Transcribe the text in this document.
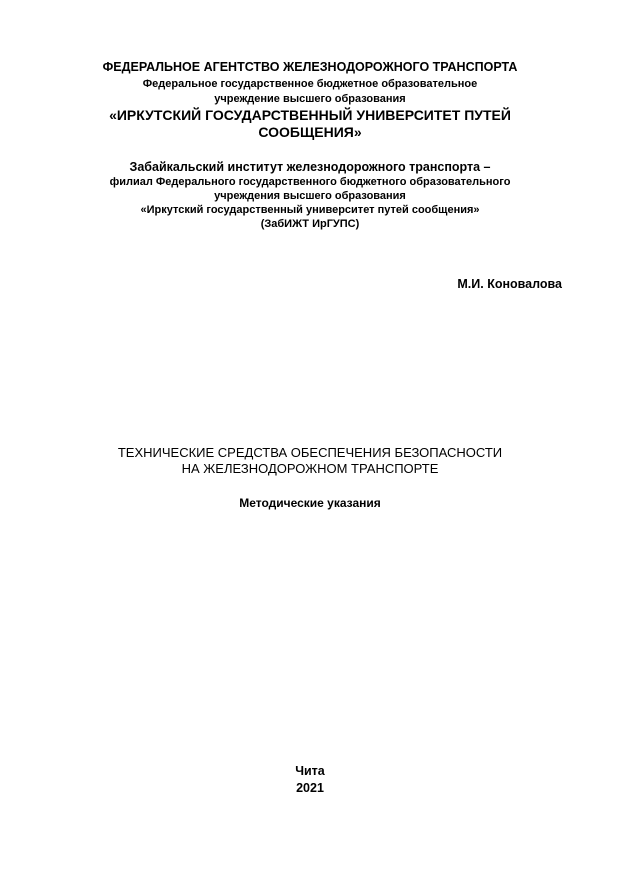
ФЕДЕРАЛЬНОЕ АГЕНТСТВО ЖЕЛЕЗНОДОРОЖНОГО ТРАНСПОРТА
Федеральное государственное бюджетное образовательное
учреждение высшего образования
«ИРКУТСКИЙ ГОСУДАРСТВЕННЫЙ УНИВЕРСИТЕТ ПУТЕЙ
СООБЩЕНИЯ»
Забайкальский институт железнодорожного транспорта –
филиал Федерального государственного бюджетного образовательного
учреждения высшего образования
«Иркутский государственный университет путей сообщения»
(ЗабИЖТ ИрГУПС)
М.И. Коновалова
ТЕХНИЧЕСКИЕ СРЕДСТВА ОБЕСПЕЧЕНИЯ БЕЗОПАСНОСТИ
НА ЖЕЛЕЗНОДОРОЖНОМ ТРАНСПОРТЕ
Методические указания
Чита
2021
